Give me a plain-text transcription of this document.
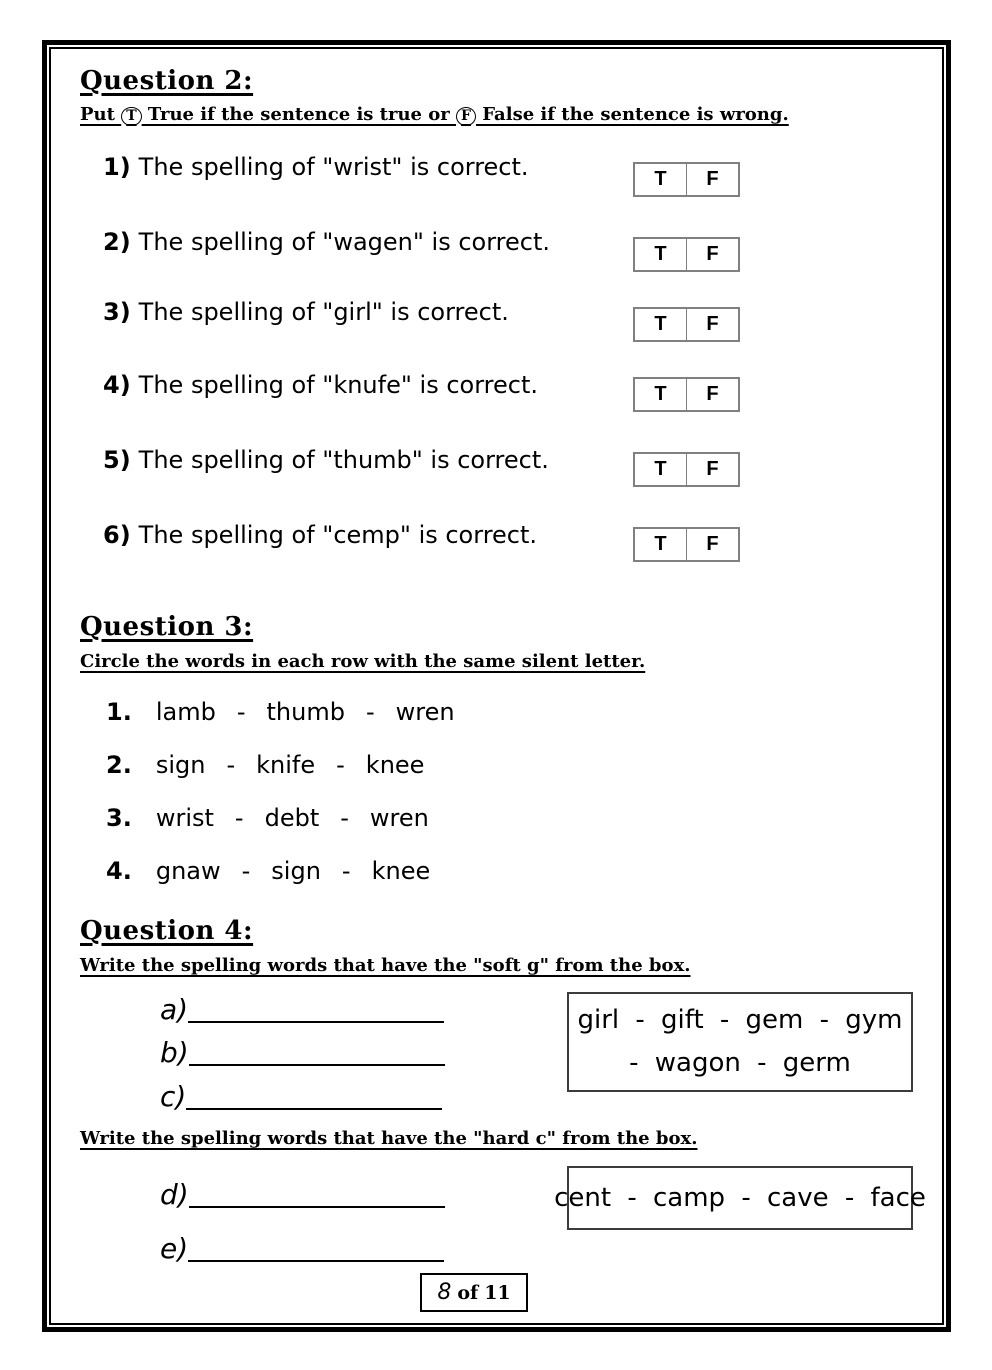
Question 2:
Put T True if the sentence is true or F False if the sentence is wrong.
1) The spelling of "wrist" is correct.	T	F
2) The spelling of "wagen" is correct.	T	F
3) The spelling of "girl" is correct.	T	F
4) The spelling of "knufe" is correct.	T	F
5) The spelling of "thumb" is correct.	T	F
6) The spelling of "cemp" is correct.	T	F
Question 3:
Circle the words in each row with the same silent letter.
1. lamb - thumb - wren
2. sign - knife - knee
3. wrist - debt - wren
4. gnaw - sign - knee
Question 4:
Write the spelling words that have the "soft g" from the box.
a)
b)
c)
girl - gift - gem - gym
- wagon - germ
Write the spelling words that have the "hard c" from the box.
d)
e)
cent - camp - cave - face
8 of 11
